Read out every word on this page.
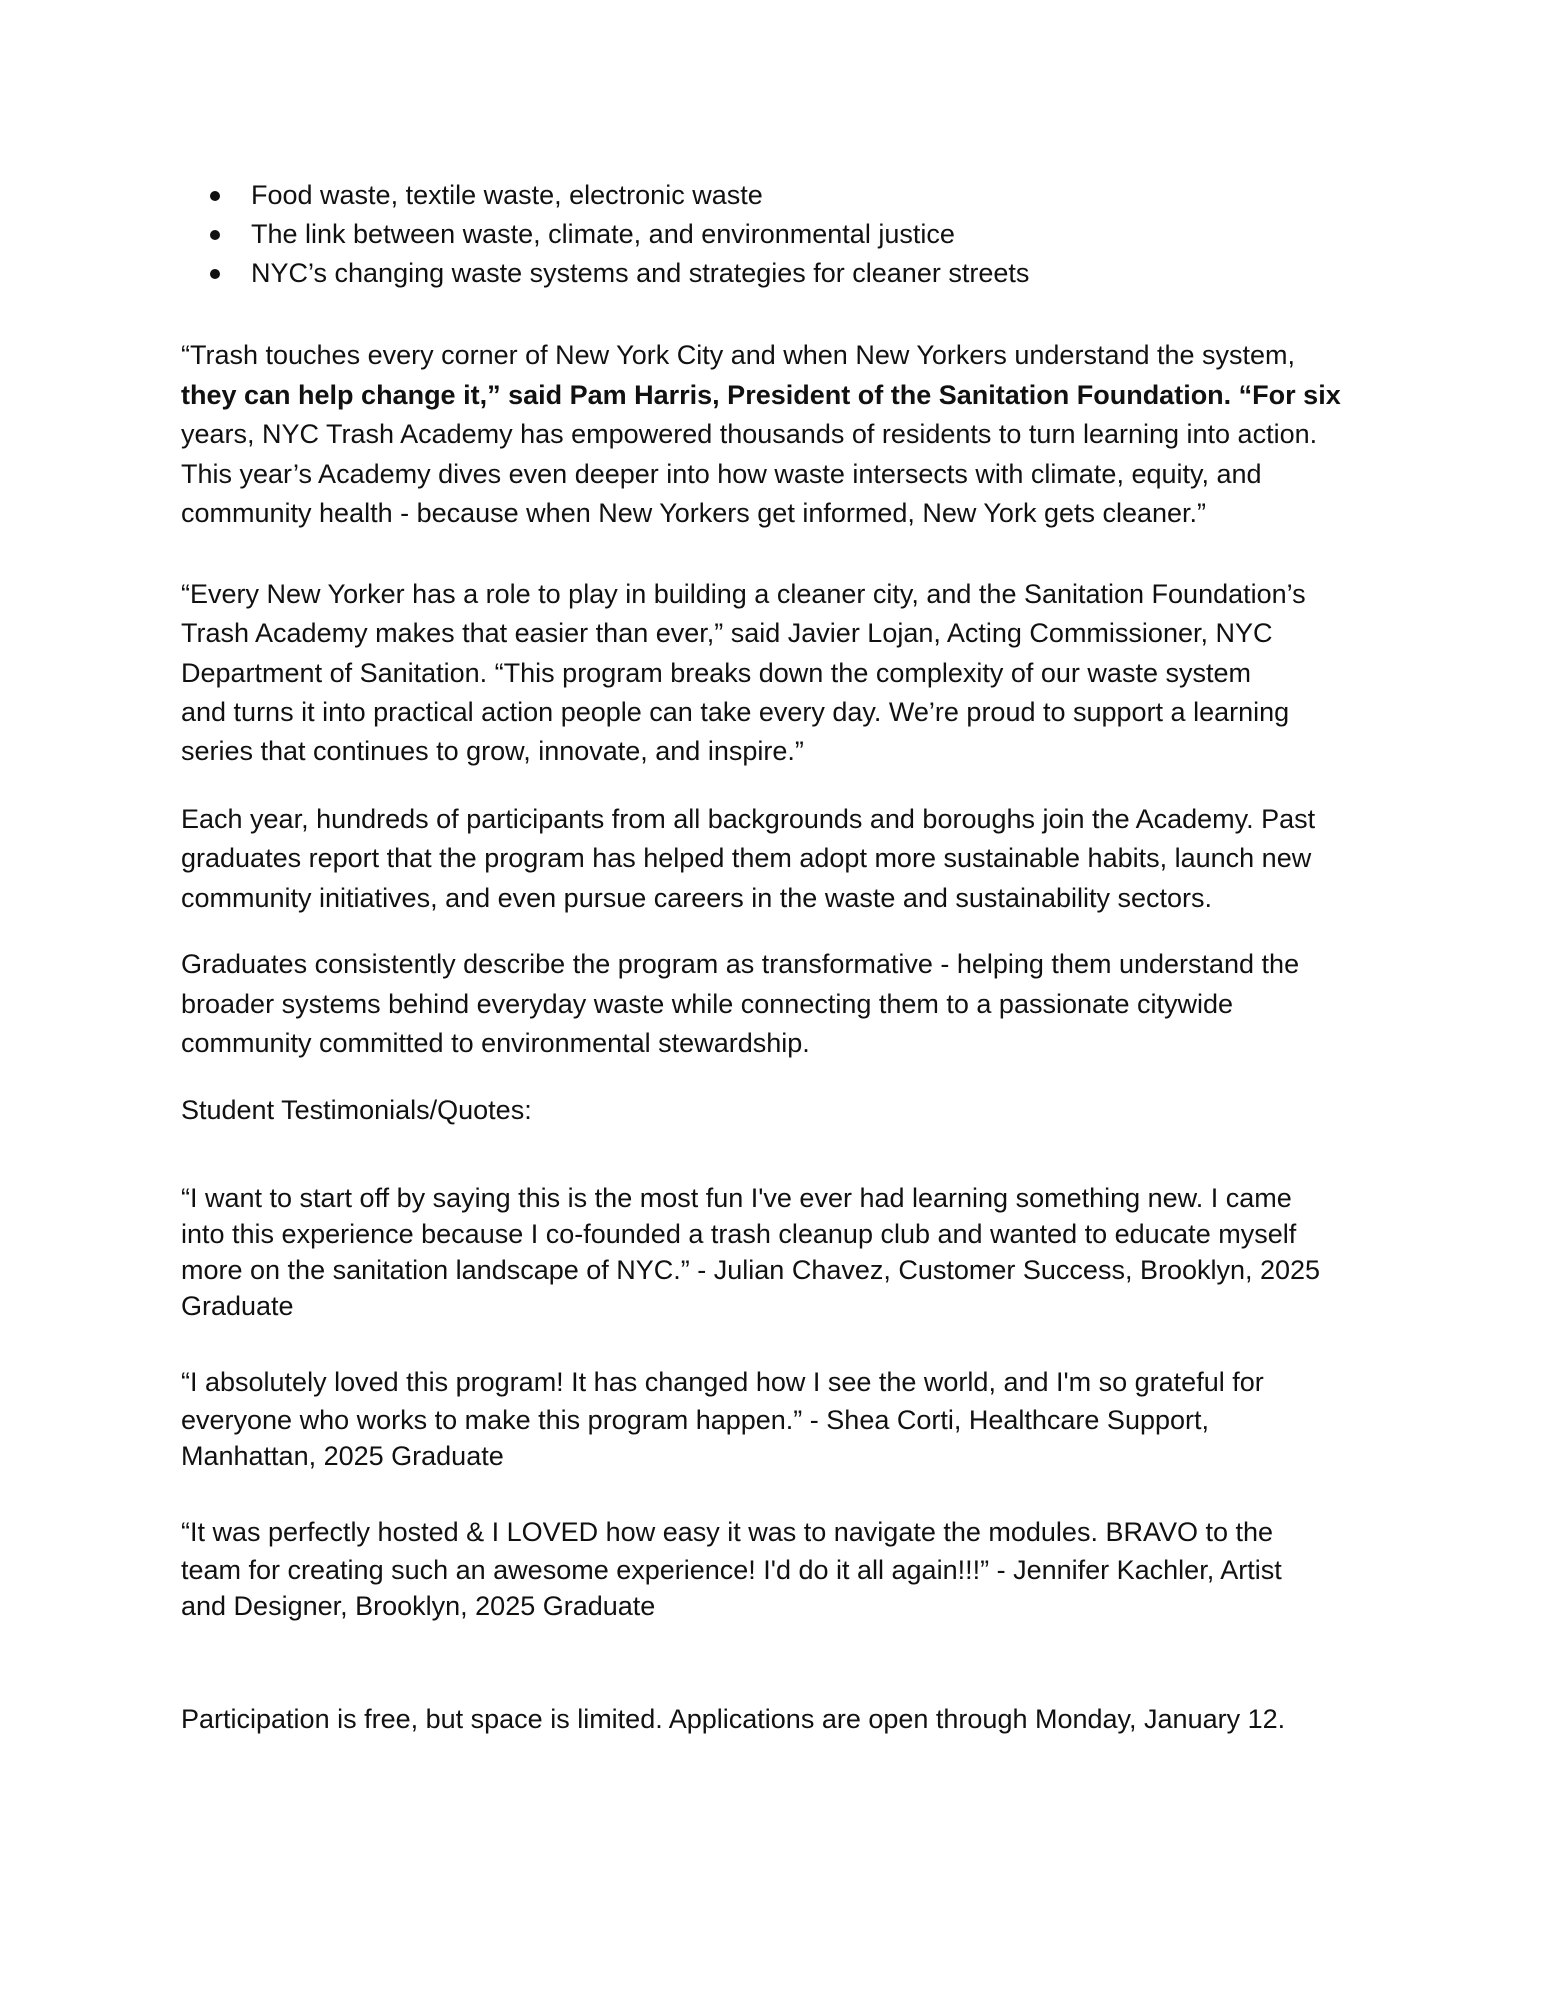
Food waste, textile waste, electronic waste
The link between waste, climate, and environmental justice
NYC’s changing waste systems and strategies for cleaner streets
“Trash touches every corner of New York City and when New Yorkers understand the system,
they can help change it,” said Pam Harris, President of the Sanitation Foundation. “For six
years, NYC Trash Academy has empowered thousands of residents to turn learning into action.
This year’s Academy dives even deeper into how waste intersects with climate, equity, and
community health - because when New Yorkers get informed, New York gets cleaner.”
“Every New Yorker has a role to play in building a cleaner city, and the Sanitation Foundation’s
Trash Academy makes that easier than ever,” said Javier Lojan, Acting Commissioner, NYC
Department of Sanitation. “This program breaks down the complexity of our waste system
and turns it into practical action people can take every day. We’re proud to support a learning
series that continues to grow, innovate, and inspire.”
Each year, hundreds of participants from all backgrounds and boroughs join the Academy. Past
graduates report that the program has helped them adopt more sustainable habits, launch new
community initiatives, and even pursue careers in the waste and sustainability sectors.
Graduates consistently describe the program as transformative - helping them understand the
broader systems behind everyday waste while connecting them to a passionate citywide
community committed to environmental stewardship.
Student Testimonials/Quotes:
“I want to start off by saying this is the most fun I've ever had learning something new. I came
into this experience because I co-founded a trash cleanup club and wanted to educate myself
more on the sanitation landscape of NYC.” - Julian Chavez, Customer Success, Brooklyn, 2025
Graduate
“I absolutely loved this program! It has changed how I see the world, and I'm so grateful for
everyone who works to make this program happen.” - Shea Corti, Healthcare Support,
Manhattan, 2025 Graduate
“It was perfectly hosted & I LOVED how easy it was to navigate the modules. BRAVO to the
team for creating such an awesome experience! I'd do it all again!!!” - Jennifer Kachler, Artist
and Designer, Brooklyn, 2025 Graduate
Participation is free, but space is limited. Applications are open through Monday, January 12.
